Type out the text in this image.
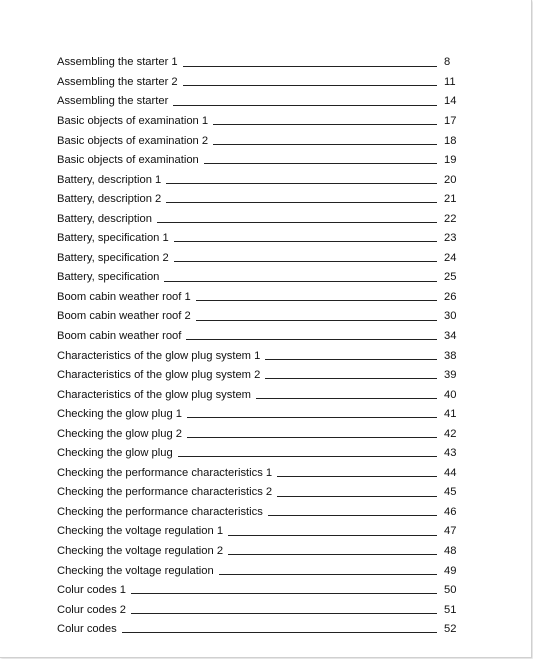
Assembling the starter 1	8
Assembling the starter 2	11
Assembling the starter	14
Basic objects of examination 1	17
Basic objects of examination 2	18
Basic objects of examination	19
Battery, description 1	20
Battery, description 2	21
Battery, description	22
Battery, specification 1	23
Battery, specification 2	24
Battery, specification	25
Boom cabin weather roof 1	26
Boom cabin weather roof 2	30
Boom cabin weather roof	34
Characteristics of the glow plug system 1	38
Characteristics of the glow plug system 2	39
Characteristics of the glow plug system	40
Checking the glow plug 1	41
Checking the glow plug 2	42
Checking the glow plug	43
Checking the performance characteristics 1	44
Checking the performance characteristics 2	45
Checking the performance characteristics	46
Checking the voltage regulation 1	47
Checking the voltage regulation 2	48
Checking the voltage regulation	49
Colur codes 1	50
Colur codes 2	51
Colur codes	52
